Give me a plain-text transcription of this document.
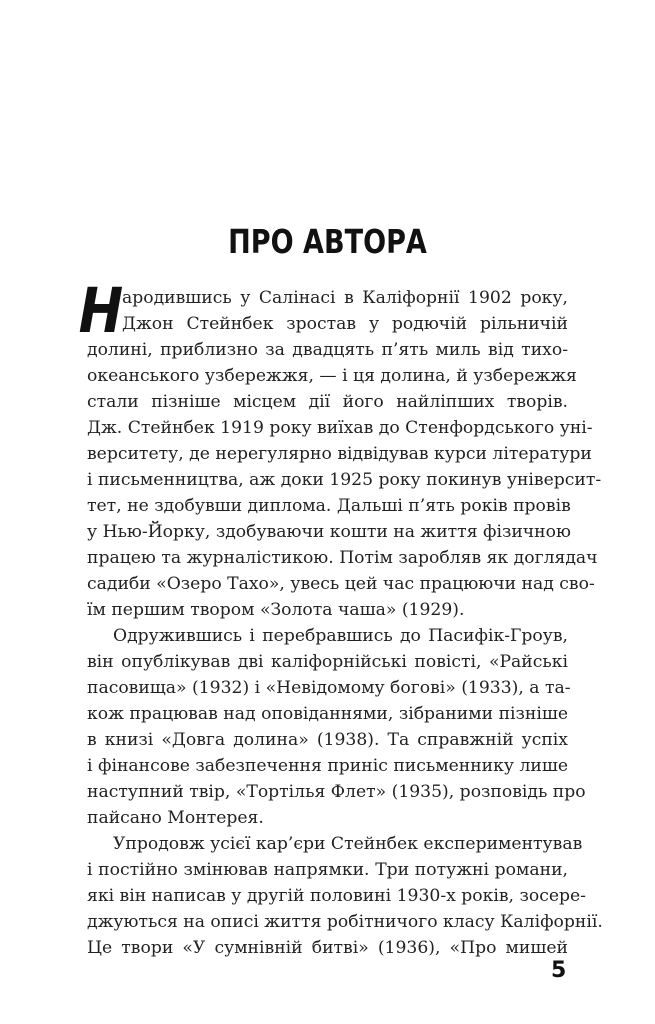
ПРО АВТОРА
Н
ародившись у Салінасі в Каліфорнії 1902 року,
Джон Стейнбек зростав у родючій рільничій
долині, приблизно за двадцять п’ять миль від тихо-
океанського узбережжя, — і ця долина, й узбережжя
стали пізніше місцем дії його найліпших творів.
Дж. Стейнбек 1919 року виїхав до Стенфордського уні-
верситету, де нерегулярно відвідував курси літератури
і письменництва, аж доки 1925 року покинув університ-
тет, не здобувши диплома. Дальші п’ять років провів
у Нью-Йорку, здобуваючи кошти на життя фізичною
працею та журналістикою. Потім заробляв як доглядач
садиби «Озеро Тахо», увесь цей час працюючи над сво-
їм першим твором «Золота чаша» (1929).
Одружившись і перебравшись до Пасифік-Гроув,
він опублікував дві каліфорнійські повісті, «Райські
пасовища» (1932) і «Невідомому богові» (1933), а та-
кож працював над оповіданнями, зібраними пізніше
в книзі «Довга долина» (1938). Та справжній успіх
і фінансове забезпечення приніс письменнику лише
наступний твір, «Тортілья Флет» (1935), розповідь про
пайсано Монтерея.
Упродовж усієї кар’єри Стейнбек експериментував
і постійно змінював напрямки. Три потужні романи,
які він написав у другій половині 1930-х років, зосере-
джуються на описі життя робітничого класу Каліфорнії.
Це твори «У сумнівній битві» (1936), «Про мишей
5
